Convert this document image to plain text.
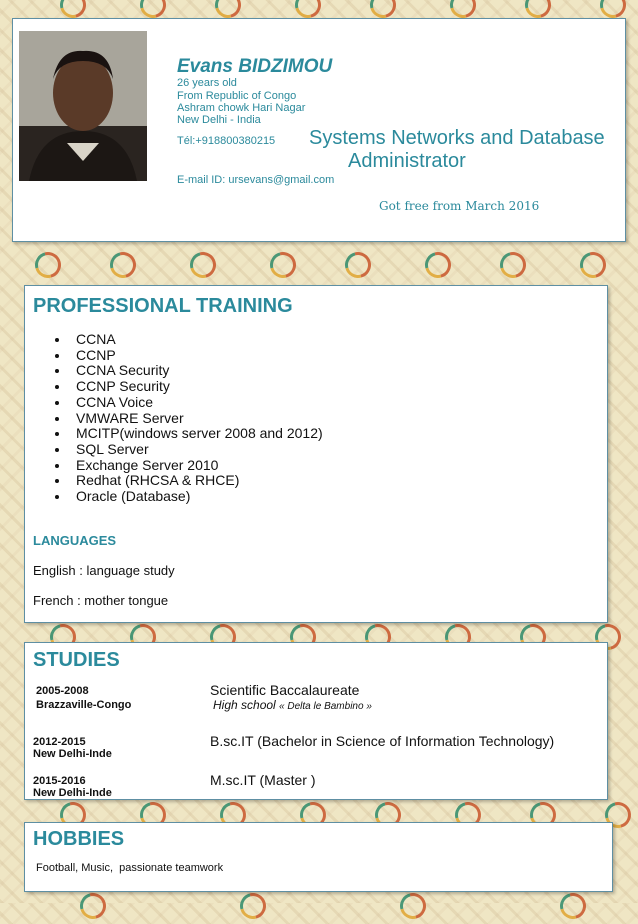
Evans BIDZIMOU
26 years old
From Republic of Congo
Ashram chowk Hari Nagar
New Delhi - India
Tél:+918800380215 Systems Networks and Database
Administrator
E-mail ID: ursevans@gmail.com
Got free from March 2016
PROFESSIONAL TRAINING
• CCNA
• CCNP
• CCNA Security
• CCNP Security
• CCNA Voice
• VMWARE Server
• MCITP(windows server 2008 and 2012)
• SQL Server
• Exchange Server 2010
• Redhat (RHCSA & RHCE)
• Oracle (Database)
LANGUAGES
English : language study
French : mother tongue
STUDIES
2005-2008
Brazzaville-Congo
Scientific Baccalaureate
High school « Delta le Bambino »
2012-2015
New Delhi-Inde
B.sc.IT (Bachelor in Science of Information Technology)
2015-2016
New Delhi-Inde
M.sc.IT (Master )
HOBBIES
Football, Music,  passionate teamwork
